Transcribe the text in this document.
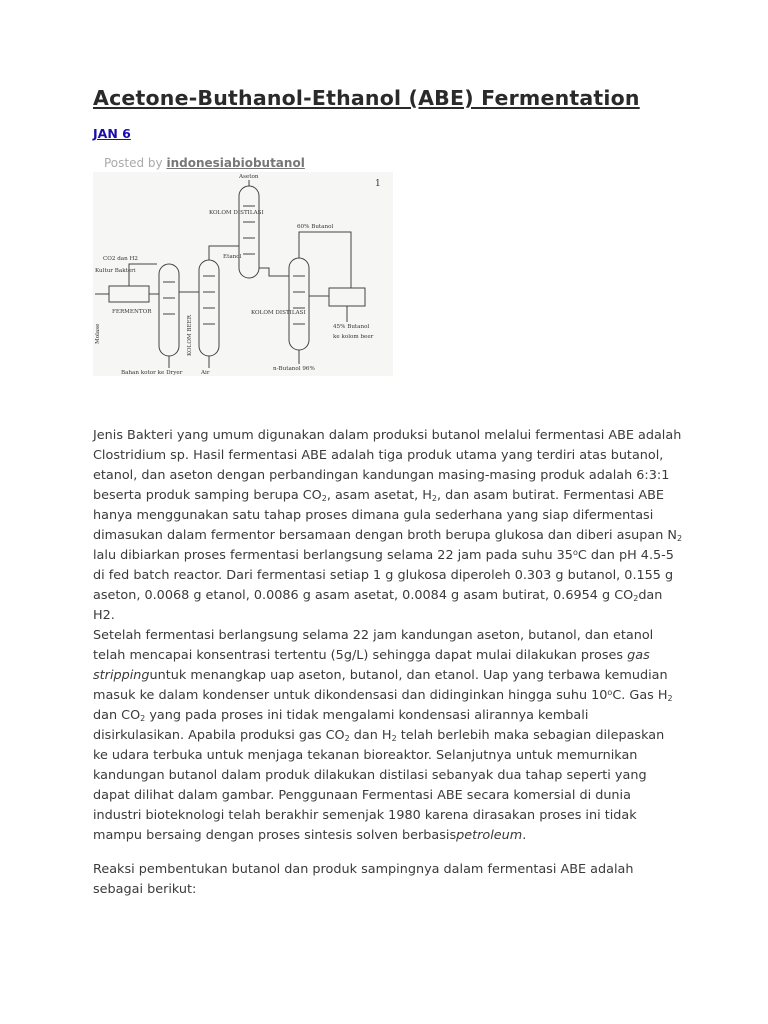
Acetone-Buthanol-Ethanol (ABE) Fermentation
JAN 6
Posted by indonesiabiobutanol
1
FERMENTOR
Kultur Bakteri
Molase
CO2 dan H2
Bahan kotor ke Dryer
KOLOM BEER
Air
Aseton
KOLOM DISTILASI
Etanol
KOLOM DISTILASI
n-Butanol 96%
60% Butanol
45% Butanol
ke kolom beer

Jenis Bakteri yang umum digunakan dalam produksi butanol melalui fermentasi ABE adalah Clostridium sp. Hasil fermentasi ABE adalah tiga produk utama yang terdiri atas butanol, etanol, dan aseton dengan perbandingan kandungan masing-masing produk adalah 6:3:1 beserta produk samping berupa $CO_2$, asam asetat, $H_2$, dan asam butirat. Fermentasi ABE hanya menggunakan satu tahap proses dimana gula sederhana yang siap difermentasi dimasukan dalam fermentor bersamaan dengan broth berupa glukosa dan diberi asupan $N_2$ lalu dibiarkan proses fermentasi berlangsung selama 22 jam pada suhu 35$^o$C dan pH 4.5-5 di fed batch reactor. Dari fermentasi setiap 1 g glukosa diperoleh 0.303 g butanol, 0.155 g aseton, 0.0068 g etanol, 0.0086 g asam asetat, 0.0084 g asam butirat, 0.6954 g $CO_2dan$ H2.

Setelah fermentasi berlangsung selama 22 jam kandungan aseton, butanol, dan etanol telah mencapai konsentrasi tertentu (5g/L) sehingga dapat mulai dilakukan proses gas strippinguntuk menangkap uap aseton, butanol, dan etanol. Uap yang terbawa kemudian masuk ke dalam kondenser untuk dikondensasi dan didinginkan hingga suhu 10$^o$C. Gas $H_2$ dan $CO_2$ yang pada proses ini tidak mengalami kondensasi alirannya kembali disirkulasikan. Apabila produksi gas $CO_2$ dan $H_2$ telah berlebih maka sebagian dilepaskan ke udara terbuka untuk menjaga tekanan bioreaktor. Selanjutnya untuk memurnikan kandungan butanol dalam produk dilakukan distilasi sebanyak dua tahap seperti yang dapat dilihat dalam gambar. Penggunaan Fermentasi ABE secara komersial di dunia industri bioteknologi telah berakhir semenjak 1980 karena dirasakan proses ini tidak mampu bersaing dengan proses sintesis solven berbasispetroleum.

Reaksi pembentukan butanol dan produk sampingnya dalam fermentasi ABE adalah sebagai berikut:
